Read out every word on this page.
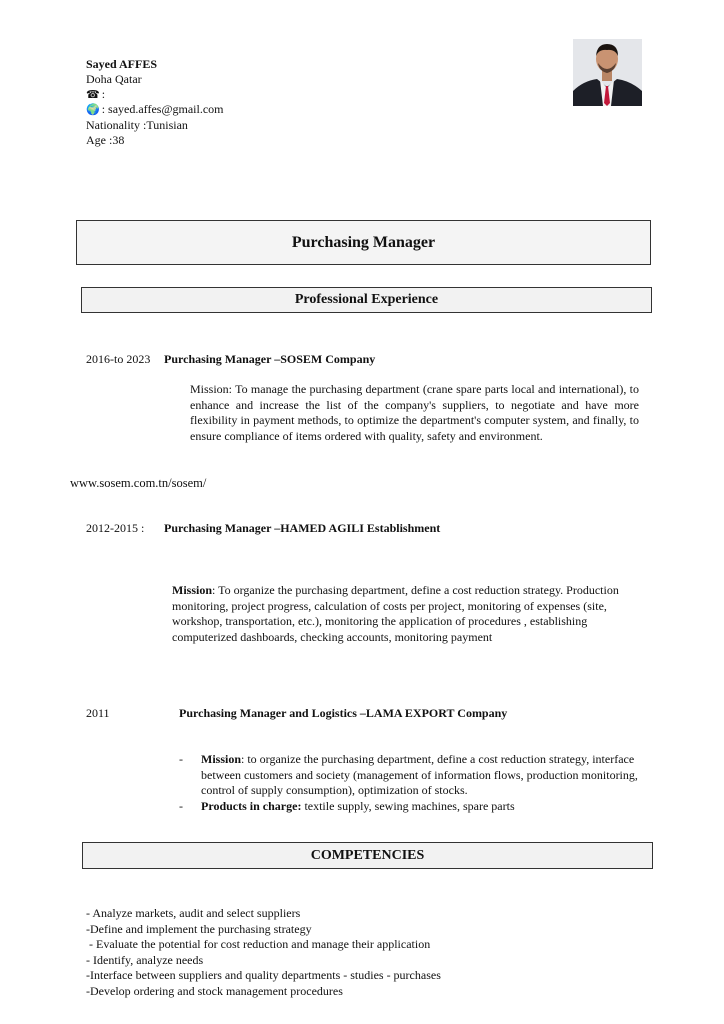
Sayed AFFES
Doha Qatar
☎ :
🌍 : sayed.affes@gmail.com
Nationality :Tunisian
Age :38
Purchasing Manager
Professional Experience
2016-to 2023 Purchasing Manager –SOSEM Company
Mission: To manage the purchasing department (crane spare parts local and international), to enhance and increase the list of the company's suppliers, to negotiate and have more flexibility in payment methods, to optimize the department's computer system, and finally, to ensure compliance of items ordered with quality, safety and environment.
www.sosem.com.tn/sosem/
2012-2015 : Purchasing Manager –HAMED AGILI Establishment
Mission: To organize the purchasing department, define a cost reduction strategy. Production monitoring, project progress, calculation of costs per project, monitoring of expenses (site, workshop, transportation, etc.), monitoring the application of procedures , establishing computerized dashboards, checking accounts, monitoring payment
2011	Purchasing Manager and Logistics –LAMA EXPORT Company
- Mission: to organize the purchasing department, define a cost reduction strategy, interface between customers and society (management of information flows, production monitoring, control of supply consumption), optimization of stocks.
- Products in charge: textile supply, sewing machines, spare parts
COMPETENCIES
- Analyze markets, audit and select suppliers
-Define and implement the purchasing strategy
- Evaluate the potential for cost reduction and manage their application
- Identify, analyze needs
-Interface between suppliers and quality departments - studies - purchases
-Develop ordering and stock management procedures
